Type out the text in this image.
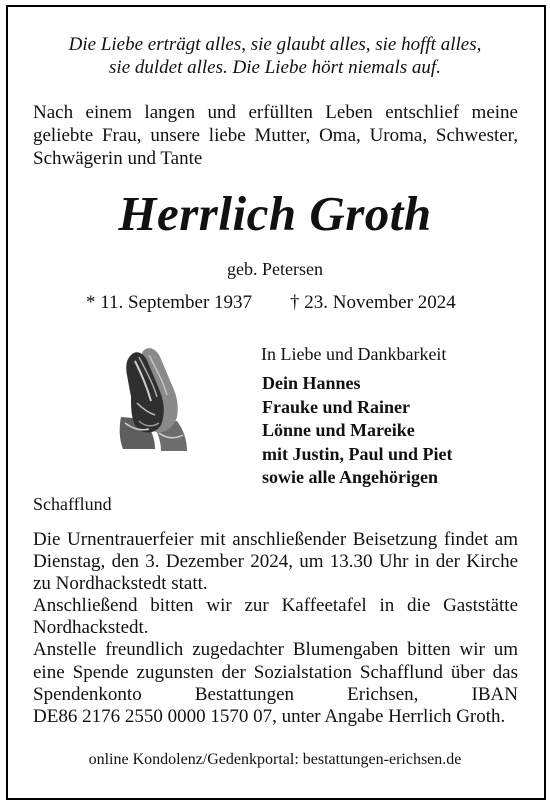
Die Liebe erträgt alles, sie glaubt alles, sie hofft alles,
sie duldet alles. Die Liebe hört niemals auf.
Nach einem langen und erfüllten Leben entschlief meine geliebte Frau, unsere liebe Mutter, Oma, Uroma, Schwester, Schwägerin und Tante
Herrlich Groth
geb. Petersen
* 11. September 1937 † 23. November 2024
In Liebe und Dankbarkeit
Dein Hannes
Frauke und Rainer
Lönne und Mareike
mit Justin, Paul und Piet
sowie alle Angehörigen
Schafflund

Die Urnentrauerfeier mit anschließender Beisetzung findet am Dienstag, den 3. Dezember 2024, um 13.30 Uhr in der Kirche zu Nordhackstedt statt.

Anschließend bitten wir zur Kaffeetafel in die Gaststätte Nordhackstedt.

Anstelle freundlich zugedachter Blumengaben bitten wir um eine Spende zugunsten der Sozialstation Schafflund über das Spendenkonto Bestattungen Erichsen, IBAN

DE86 2176 2550 0000 1570 07, unter Angabe Herrlich Groth.

online Kondolenz/Gedenkportal: bestattungen-erichsen.de
